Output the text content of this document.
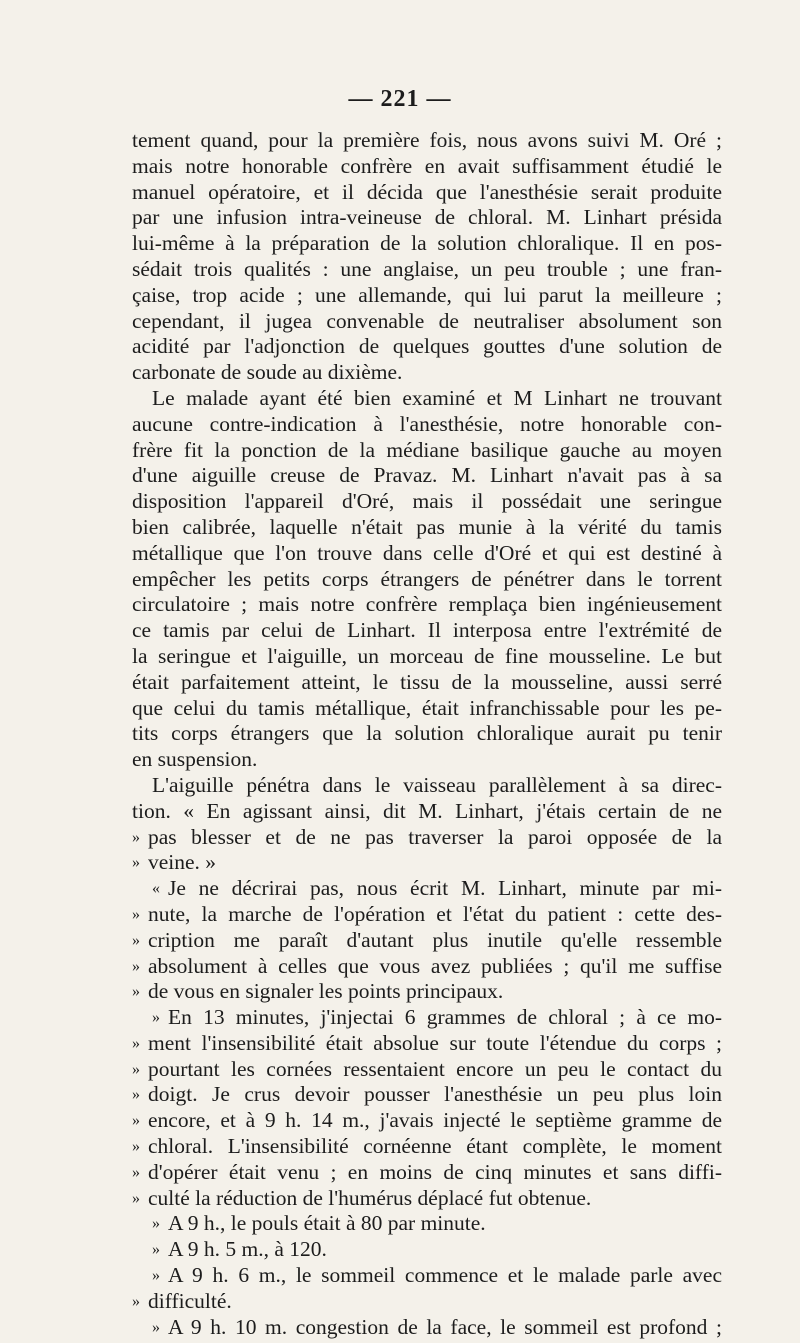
— 221 —
tement quand, pour la première fois, nous avons suivi M. Oré ;
mais notre honorable confrère en avait suffisamment étudié le
manuel opératoire, et il décida que l'anesthésie serait produite
par une infusion intra-veineuse de chloral. M. Linhart présida
lui-même à la préparation de la solution chloralique. Il en pos-
sédait trois qualités : une anglaise, un peu trouble ; une fran-
çaise, trop acide ; une allemande, qui lui parut la meilleure ;
cependant, il jugea convenable de neutraliser absolument son
acidité par l'adjonction de quelques gouttes d'une solution de
carbonate de soude au dixième.
Le malade ayant été bien examiné et M Linhart ne trouvant
aucune contre-indication à l'anesthésie, notre honorable con-
frère fit la ponction de la médiane basilique gauche au moyen
d'une aiguille creuse de Pravaz. M. Linhart n'avait pas à sa
disposition l'appareil d'Oré, mais il possédait une seringue
bien calibrée, laquelle n'était pas munie à la vérité du tamis
métallique que l'on trouve dans celle d'Oré et qui est destiné à
empêcher les petits corps étrangers de pénétrer dans le torrent
circulatoire ; mais notre confrère remplaça bien ingénieusement
ce tamis par celui de Linhart. Il interposa entre l'extrémité de
la seringue et l'aiguille, un morceau de fine mousseline. Le but
était parfaitement atteint, le tissu de la mousseline, aussi serré
que celui du tamis métallique, était infranchissable pour les pe-
tits corps étrangers que la solution chloralique aurait pu tenir
en suspension.
L'aiguille pénétra dans le vaisseau parallèlement à sa direc-
tion. « En agissant ainsi, dit M. Linhart, j'étais certain de ne
» pas blesser et de ne pas traverser la paroi opposée de la
» veine. »
« Je ne décrirai pas, nous écrit M. Linhart, minute par mi-
» nute, la marche de l'opération et l'état du patient : cette des-
» cription me paraît d'autant plus inutile qu'elle ressemble
» absolument à celles que vous avez publiées ; qu'il me suffise
» de vous en signaler les points principaux.
» En 13 minutes, j'injectai 6 grammes de chloral ; à ce mo-
» ment l'insensibilité était absolue sur toute l'étendue du corps ;
» pourtant les cornées ressentaient encore un peu le contact du
» doigt. Je crus devoir pousser l'anesthésie un peu plus loin
» encore, et à 9 h. 14 m., j'avais injecté le septième gramme de
» chloral. L'insensibilité cornéenne étant complète, le moment
» d'opérer était venu ; en moins de cinq minutes et sans diffi-
» culté la réduction de l'humérus déplacé fut obtenue.
» A 9 h., le pouls était à 80 par minute.
» A 9 h. 5 m., à 120.
» A 9 h. 6 m., le sommeil commence et le malade parle avec
» difficulté.
» A 9 h. 10 m. congestion de la face, le sommeil est profond ;
